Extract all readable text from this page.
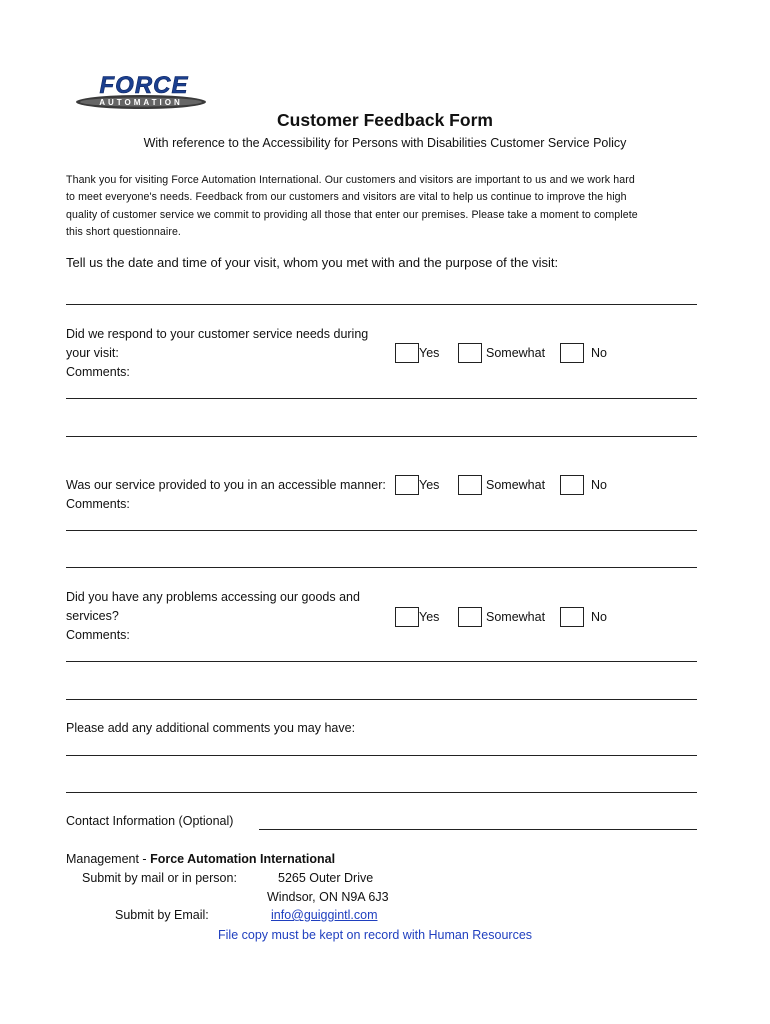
AUTOMATION
FORCE
Customer Feedback Form
With reference to the Accessibility for Persons with Disabilities Customer Service Policy
Thank you for visiting Force Automation International. Our customers and visitors are important to us and we work hard
to meet everyone's needs. Feedback from our customers and visitors are vital to help us continue to improve the high
quality of customer service we commit to providing all those that enter our premises. Please take a moment to complete
this short questionnaire.
Tell us the date and time of your visit, whom you met with and the purpose of the visit:
Did we respond to your customer service needs during
your visit:
Comments:
Yes	Somewhat	No
Was our service provided to you in an accessible manner:
Comments:
Yes	Somewhat	No
Did you have any problems accessing our goods and
services?
Comments:
Yes	Somewhat	No
Please add any additional comments you may have:
Contact Information (Optional)
Management - Force Automation International
Submit by mail or in person:	5265 Outer Drive
Windsor, ON N9A 6J3
Submit by Email:	info@guiggintl.com
File copy must be kept on record with Human Resources
